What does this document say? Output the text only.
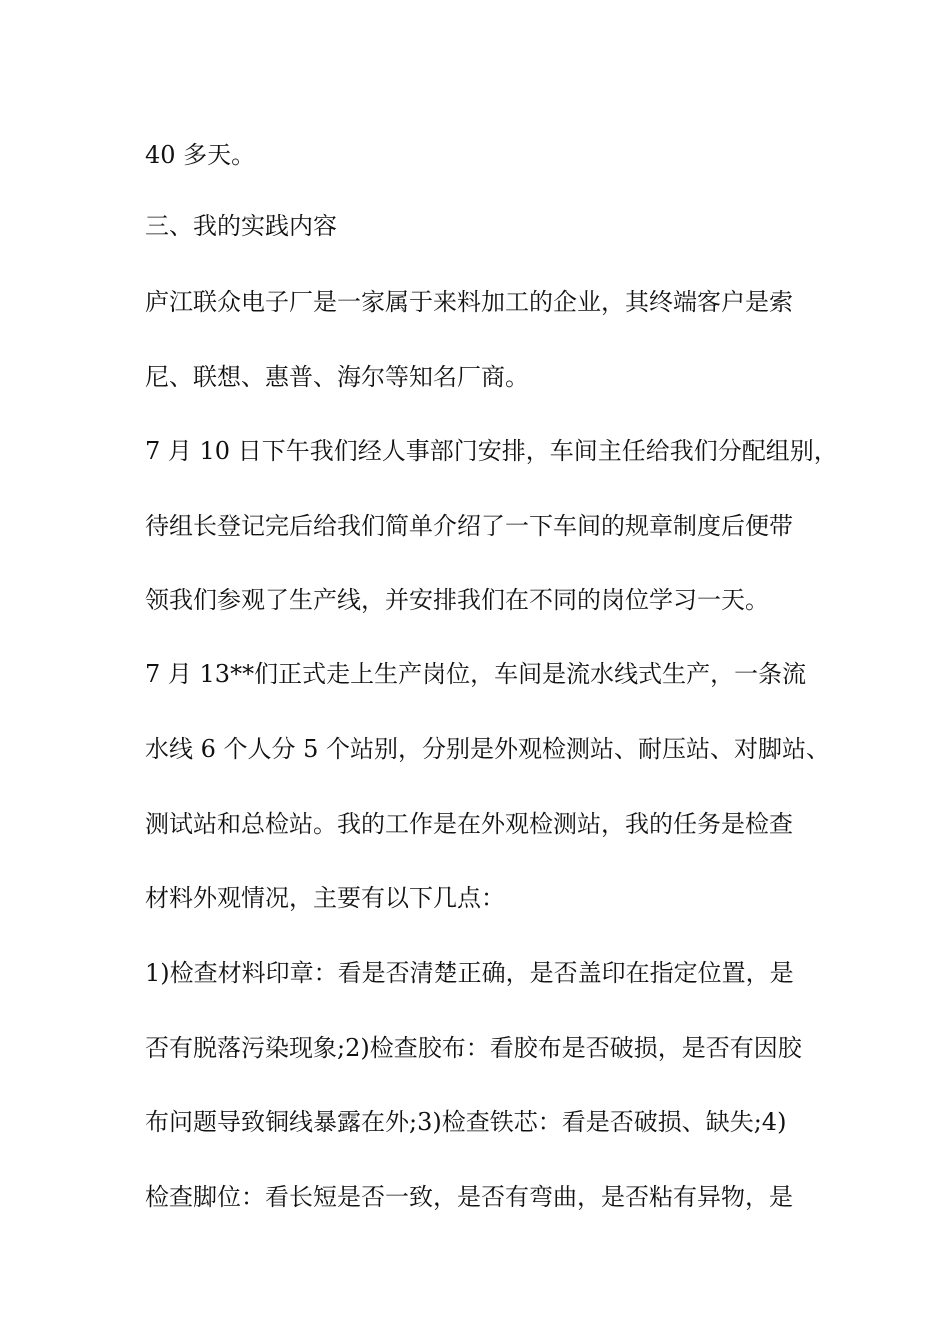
40 多天。
三、我的实践内容
庐江联众电子厂是一家属于来料加工的企业，其终端客户是索
尼、联想、惠普、海尔等知名厂商。
7 月 10 日下午我们经人事部门安排，车间主任给我们分配组别，
待组长登记完后给我们简单介绍了一下车间的规章制度后便带
领我们参观了生产线，并安排我们在不同的岗位学习一天。
7 月 13**们正式走上生产岗位，车间是流水线式生产，一条流
水线 6 个人分 5 个站别，分别是外观检测站、耐压站、对脚站、
测试站和总检站。我的工作是在外观检测站，我的任务是检查
材料外观情况，主要有以下几点：
1)检查材料印章：看是否清楚正确，是否盖印在指定位置，是
否有脱落污染现象;2)检查胶布：看胶布是否破损，是否有因胶
布问题导致铜线暴露在外;3)检查铁芯：看是否破损、缺失;4)
检查脚位：看长短是否一致，是否有弯曲，是否粘有异物，是
